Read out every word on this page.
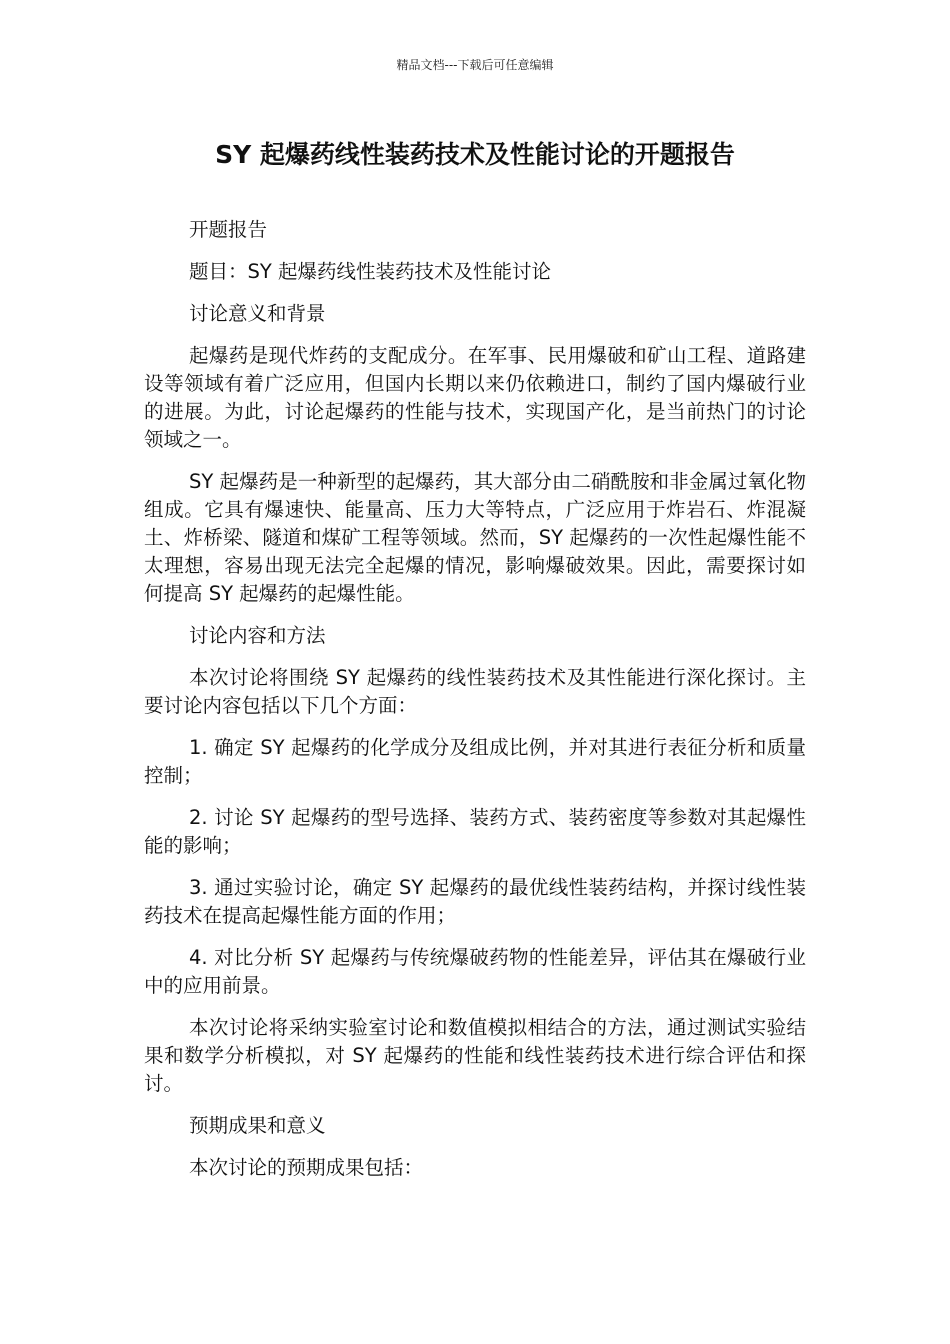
精品文档---下载后可任意编辑
SY 起爆药线性装药技术及性能讨论的开题报告

开题报告

题目：SY 起爆药线性装药技术及性能讨论

讨论意义和背景

起爆药是现代炸药的支配成分。在军事、民用爆破和矿山工程、道路建设等领域有着广泛应用，但国内长期以来仍依赖进口，制约了国内爆破行业的进展。为此，讨论起爆药的性能与技术，实现国产化，是当前热门的讨论领域之一。

SY 起爆药是一种新型的起爆药，其大部分由二硝酰胺和非金属过氧化物组成。它具有爆速快、能量高、压力大等特点，广泛应用于炸岩石、炸混凝土、炸桥梁、隧道和煤矿工程等领域。然而，SY 起爆药的一次性起爆性能不太理想，容易出现无法完全起爆的情况，影响爆破效果。因此，需要探讨如何提高 SY 起爆药的起爆性能。

讨论内容和方法

本次讨论将围绕 SY 起爆药的线性装药技术及其性能进行深化探讨。主要讨论内容包括以下几个方面：

1. 确定 SY 起爆药的化学成分及组成比例，并对其进行表征分析和质量控制；

2. 讨论 SY 起爆药的型号选择、装药方式、装药密度等参数对其起爆性能的影响；

3. 通过实验讨论，确定 SY 起爆药的最优线性装药结构，并探讨线性装药技术在提高起爆性能方面的作用；

4. 对比分析 SY 起爆药与传统爆破药物的性能差异，评估其在爆破行业中的应用前景。

本次讨论将采纳实验室讨论和数值模拟相结合的方法，通过测试实验结果和数学分析模拟，对 SY 起爆药的性能和线性装药技术进行综合评估和探讨。

预期成果和意义

本次讨论的预期成果包括：
